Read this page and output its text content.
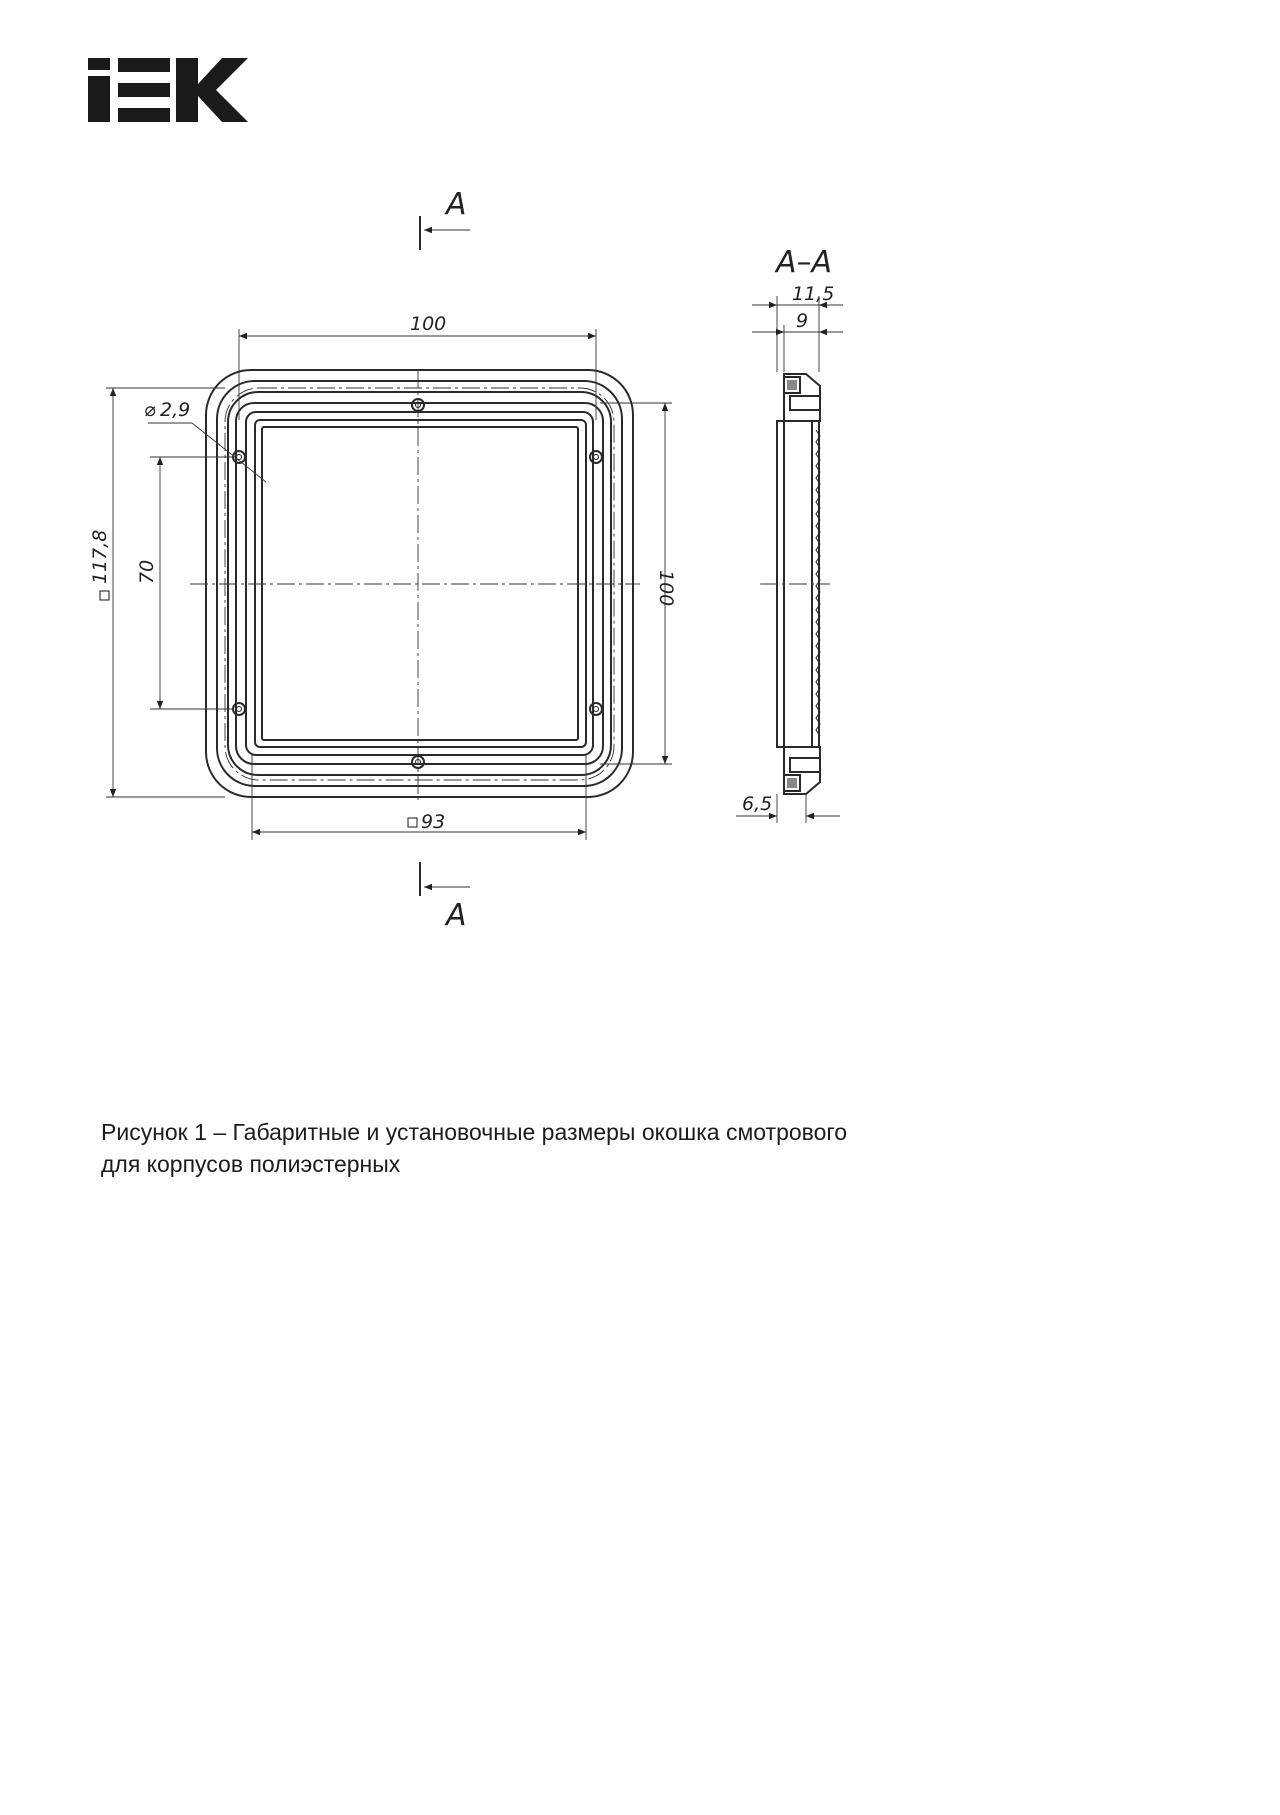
100
117,8 70	100
93
⌀ 2,9
A
A
A–A
11,5
9
6,5
Рисунок 1 – Габаритные и установочные размеры окошка смотрового
для корпусов полиэстерных
